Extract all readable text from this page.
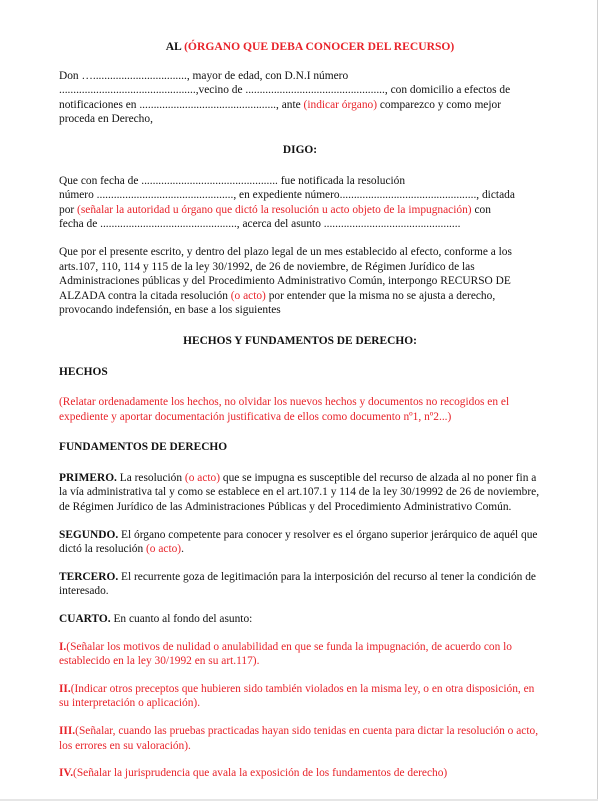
AL (ÓRGANO QUE DEBA CONOCER DEL RECURSO)

Don …................................., mayor de edad, con D.N.I número

................................................,vecino de ................................................., con domicilio a efectos de

notificaciones en ................................................, ante (indicar órgano) comparezco y como mejor

proceda en Derecho,

DIGO:

Que con fecha de ................................................ fue notificada la resolución

número ................................................, en expediente número................................................, dictada

por (señalar la autoridad u órgano que dictó la resolución u acto objeto de la impugnación) con

fecha de ................................................, acerca del asunto ................................................

Que por el presente escrito, y dentro del plazo legal de un mes establecido al efecto, conforme a los arts.107, 110, 114 y 115 de la ley 30/1992, de 26 de noviembre, de Régimen Jurídico de las Administraciones públicas y del Procedimiento Administrativo Común, interpongo RECURSO DE ALZADA contra la citada resolución (o acto) por entender que la misma no se ajusta a derecho, provocando indefensión, en base a los siguientes

HECHOS Y FUNDAMENTOS DE DERECHO:

HECHOS

(Relatar ordenadamente los hechos, no olvidar los nuevos hechos y documentos no recogidos en el expediente y aportar documentación justificativa de ellos como documento nº1, nº2...)

FUNDAMENTOS DE DERECHO

PRIMERO. La resolución (o acto) que se impugna es susceptible del recurso de alzada al no poner fin a la vía administrativa tal y como se establece en el art.107.1 y 114 de la ley 30/19992 de 26 de noviembre, de Régimen Jurídico de las Administraciones Públicas y del Procedimiento Administrativo Común.

SEGUNDO. El órgano competente para conocer y resolver es el órgano superior jerárquico de aquél que dictó la resolución (o acto).

TERCERO. El recurrente goza de legitimación para la interposición del recurso al tener la condición de interesado.

CUARTO. En cuanto al fondo del asunto:

I.(Señalar los motivos de nulidad o anulabilidad en que se funda la impugnación, de acuerdo con lo establecido en la ley 30/1992 en su art.117).

II.(Indicar otros preceptos que hubieren sido también violados en la misma ley, o en otra disposición, en su interpretación o aplicación).

III.(Señalar, cuando las pruebas practicadas hayan sido tenidas en cuenta para dictar la resolución o acto, los errores en su valoración).

IV.(Señalar la jurisprudencia que avala la exposición de los fundamentos de derecho)
